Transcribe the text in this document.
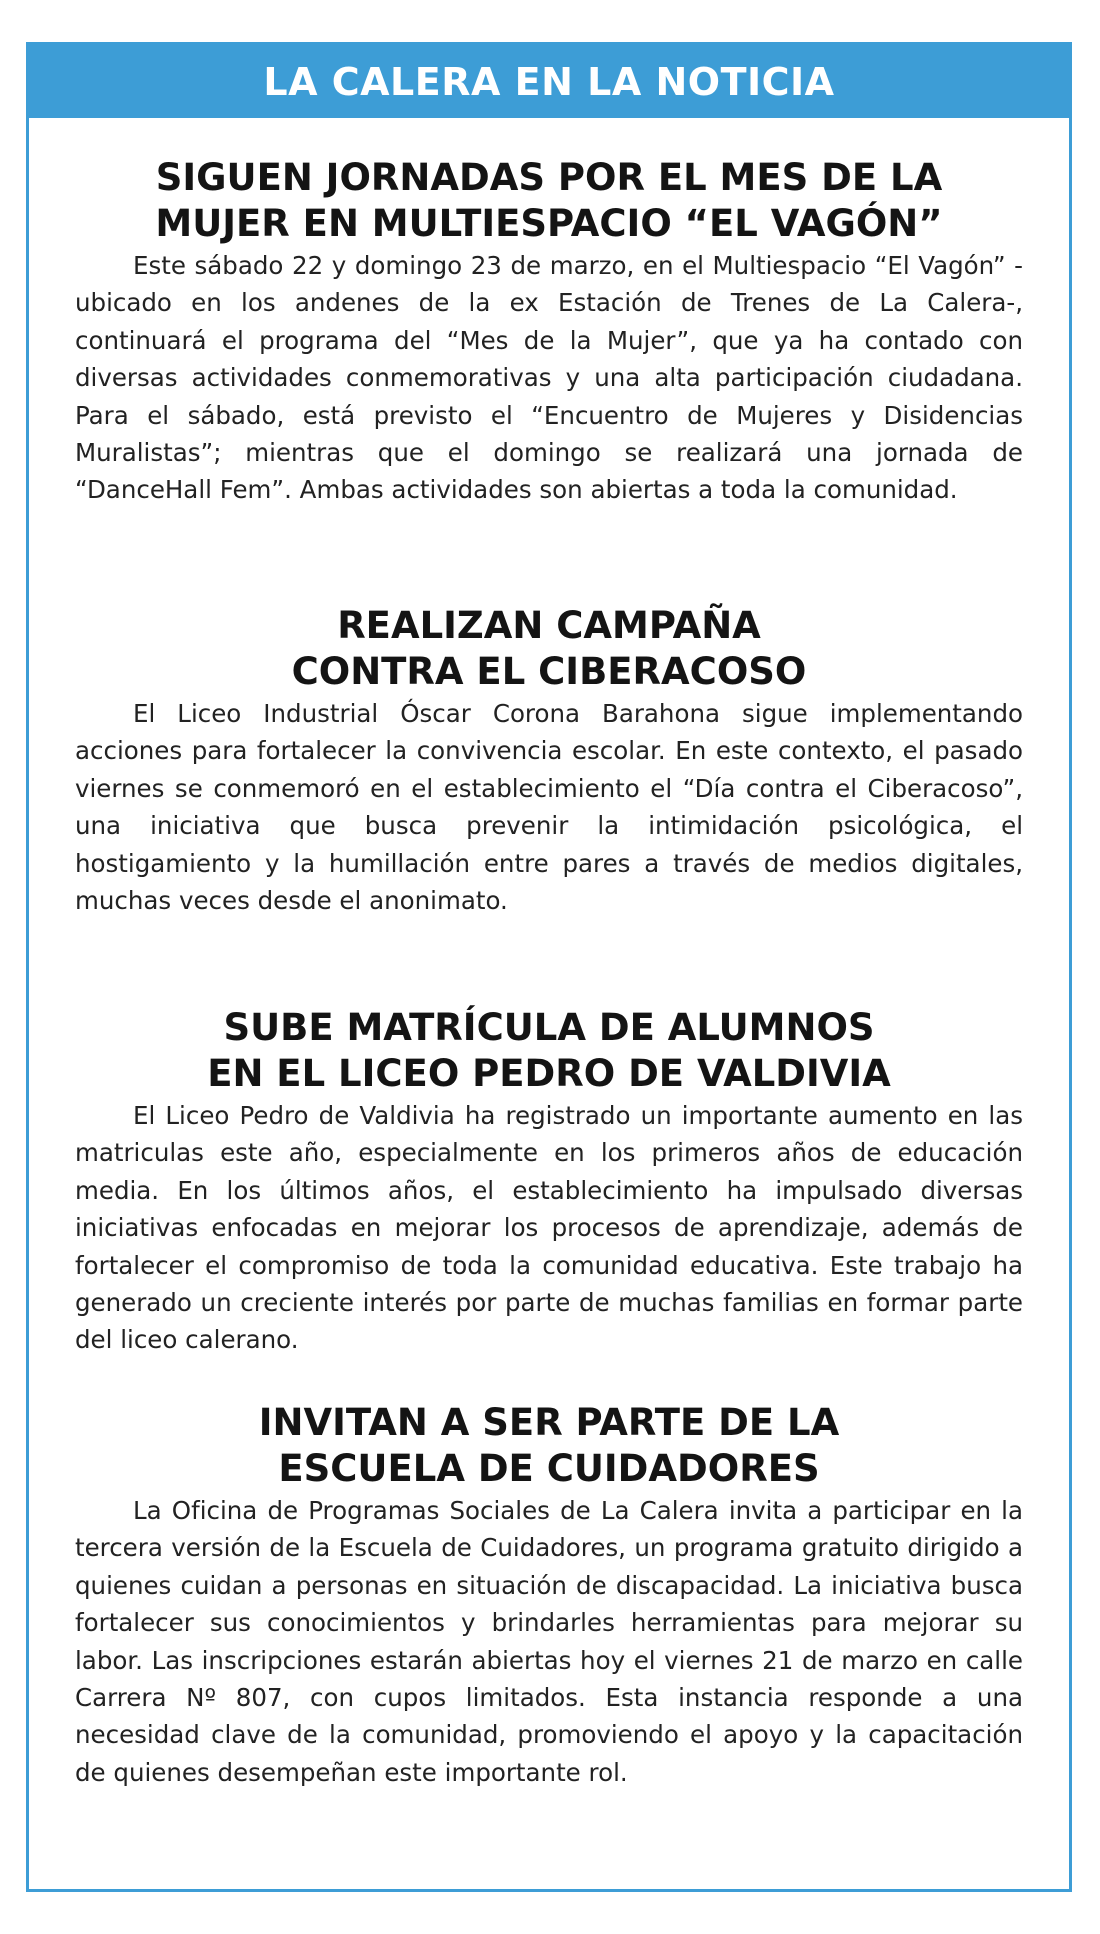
LA CALERA EN LA NOTICIA
SIGUEN JORNADAS POR EL MES DE LA
MUJER EN MULTIESPACIO “EL VAGÓN”

Este sábado 22 y domingo 23 de marzo, en el Multiespacio “El Vagón” -ubicado en los andenes de la ex Estación de Trenes de La Calera-, continuará el programa del “Mes de la Mujer”, que ya ha contado con diversas actividades conmemorativas y una alta participación ciudadana. Para el sábado, está previsto el “Encuentro de Mujeres y Disidencias Muralistas”; mientras que el domingo se realizará una jornada de “DanceHall Fem”. Ambas actividades son abiertas a toda la comunidad.

REALIZAN CAMPAÑA
CONTRA EL CIBERACOSO

El Liceo Industrial Óscar Corona Barahona sigue implementando acciones para fortalecer la convivencia escolar. En este contexto, el pasado viernes se conmemoró en el establecimiento el “Día contra el Ciberacoso”, una iniciativa que busca prevenir la intimidación psicológica, el hostigamiento y la humillación entre pares a través de medios digitales, muchas veces desde el anonimato.

SUBE MATRÍCULA DE ALUMNOS
EN EL LICEO PEDRO DE VALDIVIA

El Liceo Pedro de Valdivia ha registrado un importante aumento en las matriculas este año, especialmente en los primeros años de educación media. En los últimos años, el establecimiento ha impulsado diversas iniciativas enfocadas en mejorar los procesos de aprendizaje, además de fortalecer el compromiso de toda la comunidad educativa. Este trabajo ha generado un creciente interés por parte de muchas familias en formar parte del liceo calerano.

INVITAN A SER PARTE DE LA
ESCUELA DE CUIDADORES

La Oficina de Programas Sociales de La Calera invita a participar en la tercera versión de la Escuela de Cuidadores, un programa gratuito dirigido a quienes cuidan a personas en situación de discapacidad. La iniciativa busca fortalecer sus conocimientos y brindarles herramientas para mejorar su labor. Las inscripciones estarán abiertas hoy el viernes 21 de marzo en calle Carrera Nº 807, con cupos limitados. Esta instancia responde a una necesidad clave de la comunidad, promoviendo el apoyo y la capacitación de quienes desempeñan este importante rol.
